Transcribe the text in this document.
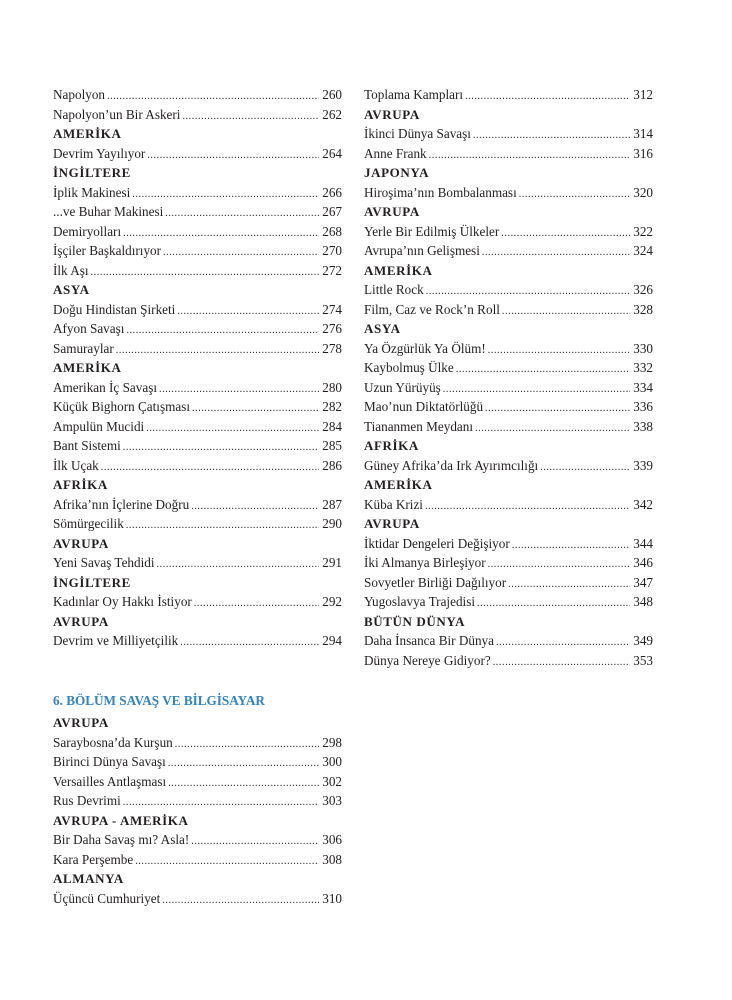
Napolyon .....	260
Napolyon’un Bir Askeri .....	262
AMERİKA
Devrim Yayılıyor .....	264
İNGİLTERE
İplik Makinesi .....	266
...ve Buhar Makinesi .....	267
Demiryolları .....	268
İşçiler Başkaldırıyor .....	270
İlk Aşı .....	272
ASYA
Doğu Hindistan Şirketi .....	274
Afyon Savaşı .....	276
Samuraylar .....	278
AMERİKA
Amerikan İç Savaşı .....	280
Küçük Bighorn Çatışması .....	282
Ampulün Mucidi .....	284
Bant Sistemi .....	285
İlk Uçak .....	286
AFRİKA
Afrika’nın İçlerine Doğru .....	287
Sömürgecilik .....	290
AVRUPA
Yeni Savaş Tehdidi .....	291
İNGİLTERE
Kadınlar Oy Hakkı İstiyor .....	292
AVRUPA
Devrim ve Milliyetçilik .....	294
Toplama Kampları .....	312
AVRUPA
İkinci Dünya Savaşı .....	314
Anne Frank .....	316
JAPONYA
Hiroşima’nın Bombalanması .....	320
AVRUPA
Yerle Bir Edilmiş Ülkeler .....	322
Avrupa’nın Gelişmesi .....	324
AMERİKA
Little Rock .....	326
Film, Caz ve Rock’n Roll .....	328
ASYA
Ya Özgürlük Ya Ölüm! .....	330
Kaybolmuş Ülke .....	332
Uzun Yürüyüş .....	334
Mao’nun Diktatörlüğü .....	336
Tiananmen Meydanı .....	338
AFRİKA
Güney Afrika’da Irk Ayırımcılığı .....	339
AMERİKA
Küba Krizi .....	342
AVRUPA
İktidar Dengeleri Değişiyor .....	344
İki Almanya Birleşiyor .....	346
Sovyetler Birliği Dağılıyor .....	347
Yugoslavya Trajedisi .....	348
BÜTÜN DÜNYA
Daha İnsanca Bir Dünya .....	349
Dünya Nereye Gidiyor? .....	353
6. BÖLÜM SAVAŞ VE BİLGİSAYAR
AVRUPA
Saraybosna’da Kurşun .....	298
Birinci Dünya Savaşı .....	300
Versailles Antlaşması .....	302
Rus Devrimi .....	303
AVRUPA - AMERİKA
Bir Daha Savaş mı? Asla! .....	306
Kara Perşembe .....	308
ALMANYA
Üçüncü Cumhuriyet .....	310
